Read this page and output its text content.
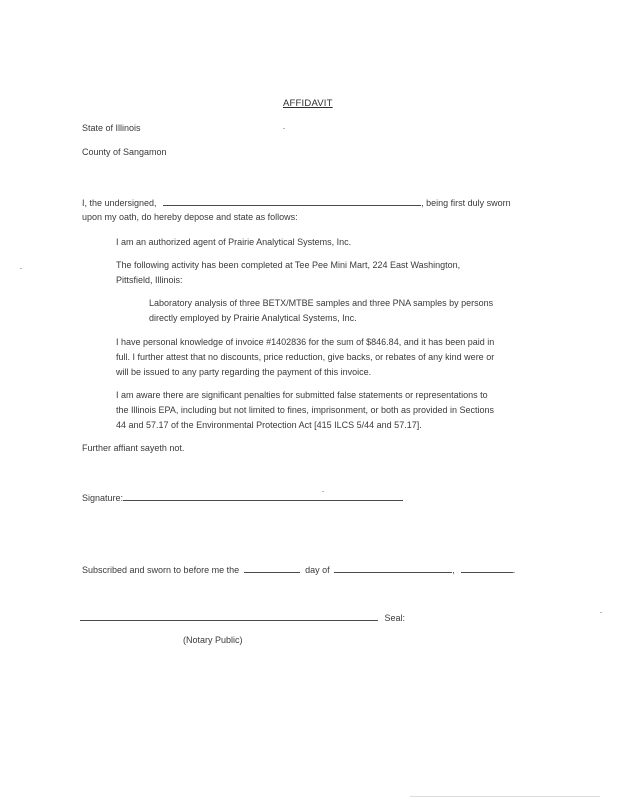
AFFIDAVIT
State of Illinois
County of Sangamon
I, the undersigned,	, being first duly sworn
upon my oath, do hereby depose and state as follows:
I am an authorized agent of Prairie Analytical Systems, Inc.
The following activity has been completed at Tee Pee Mini Mart, 224 East Washington,
Pittsfield, Illinois:
Laboratory analysis of three BETX/MTBE samples and three PNA samples by persons
directly employed by Prairie Analytical Systems, Inc.
I have personal knowledge of invoice #1402836 for the sum of $846.84, and it has been paid in
full. I further attest that no discounts, price reduction, give backs, or rebates of any kind were or
will be issued to any party regarding the payment of this invoice.
I am aware there are significant penalties for submitted false statements or representations to
the Illinois EPA, including but not limited to fines, imprisonment, or both as provided in Sections
44 and 57.17 of the Environmental Protection Act [415 ILCS 5/44 and 57.17].
Further affiant sayeth not.
Signature:
Subscribed and sworn to before me the	day of	,	.
Seal:
(Notary Public)
